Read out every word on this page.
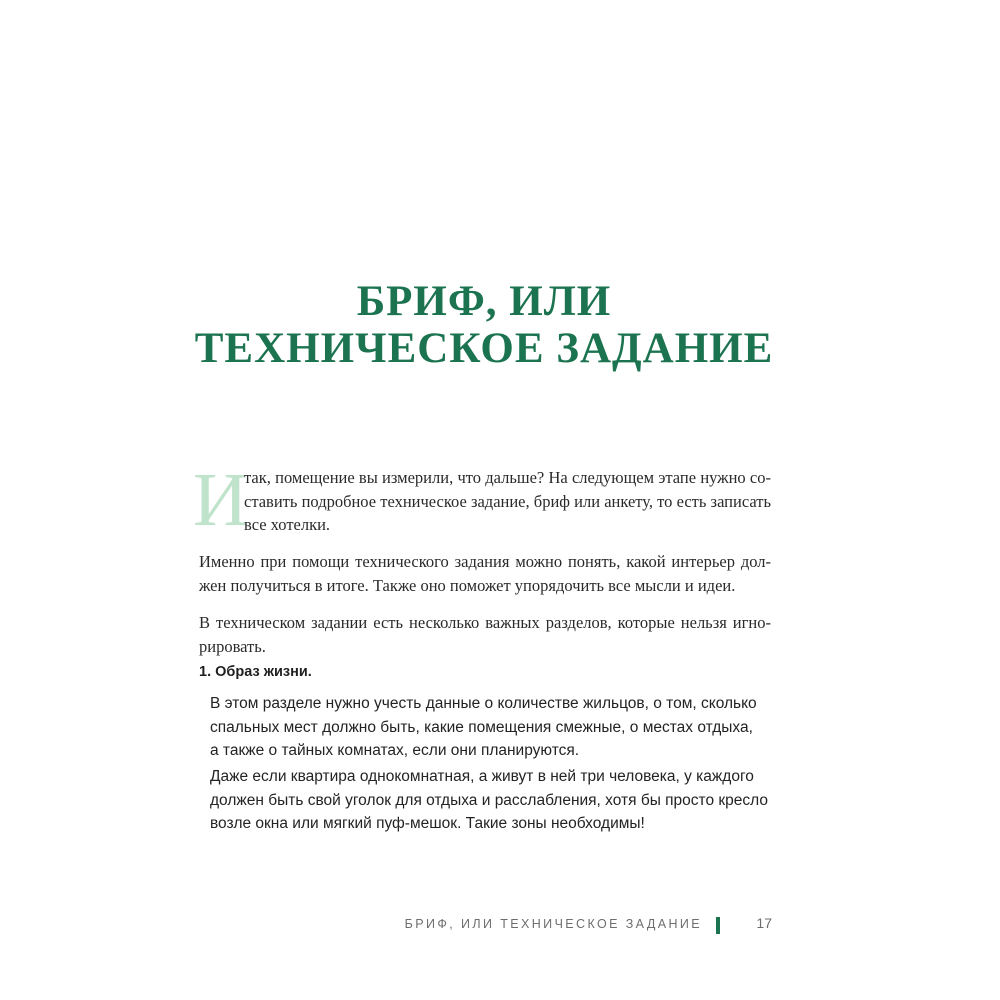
БРИФ, ИЛИ
ТЕХНИЧЕСКОЕ ЗАДАНИЕ
И
так, помещение вы измерили, что дальше? На следующем этапе нужно со-
ставить подробное техническое задание, бриф или анкету, то есть записать
все хотелки.
Именно при помощи технического задания можно понять, какой интерьер дол-
жен получиться в итоге. Также оно поможет упорядочить все мысли и идеи.
В техническом задании есть несколько важных разделов, которые нельзя игно-
рировать.
1. Образ жизни.
В этом разделе нужно учесть данные о количестве жильцов, о том, сколько
спальных мест должно быть, какие помещения смежные, о местах отдыха,
а также о тайных комнатах, если они планируются.
Даже если квартира однокомнатная, а живут в ней три человека, у каждого
должен быть свой уголок для отдыха и расслабления, хотя бы просто кресло
возле окна или мягкий пуф-мешок. Такие зоны необходимы!
БРИФ, ИЛИ ТЕХНИЧЕСКОЕ ЗАДАНИЕ	17
